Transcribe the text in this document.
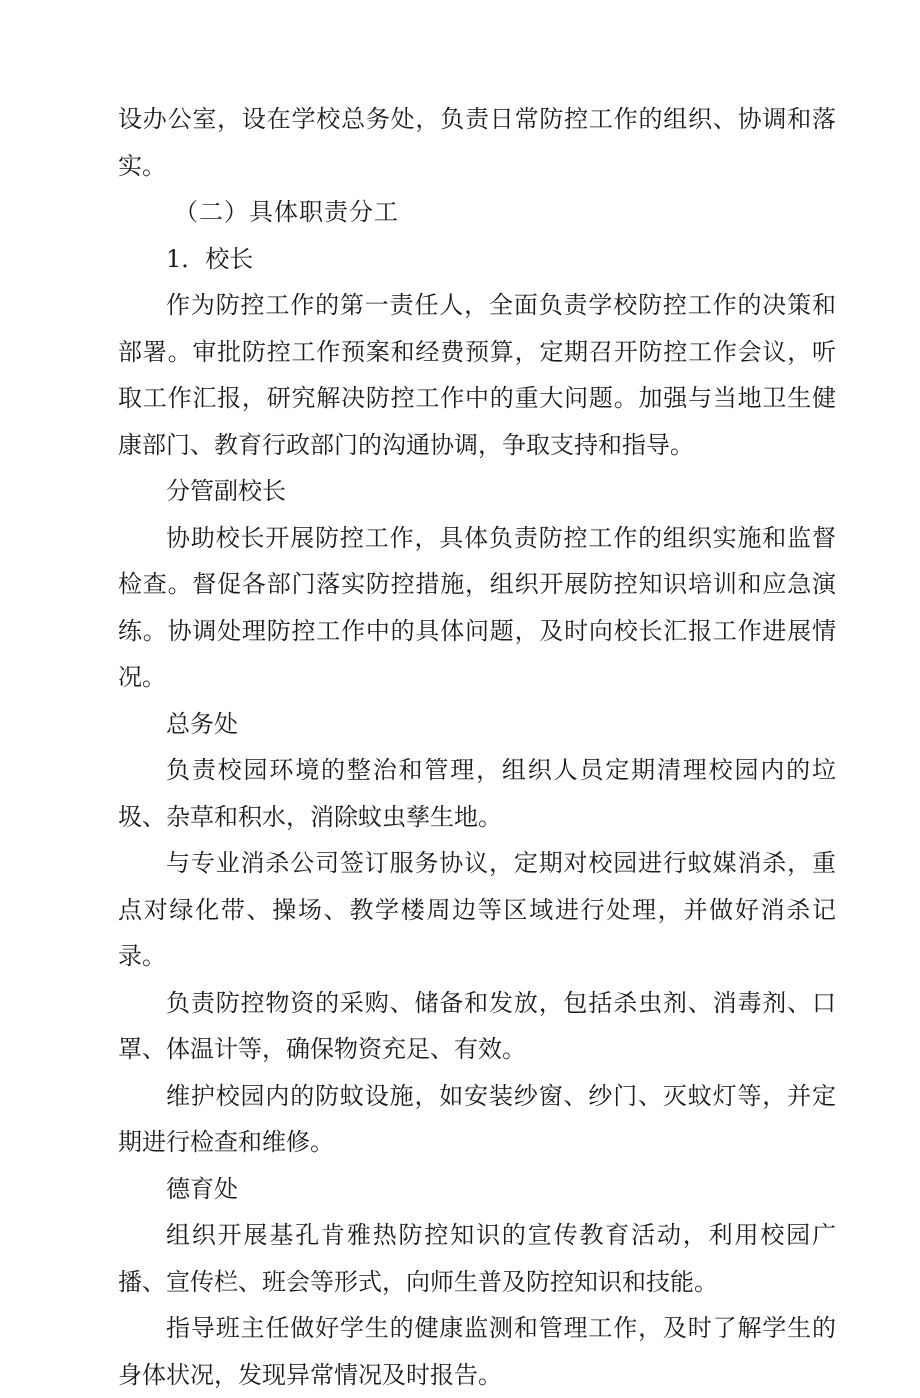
设办公室，设在学校总务处，负责日常防控工作的组织、协调和落实。

（二）具体职责分工

1．校长

作为防控工作的第一责任人，全面负责学校防控工作的决策和部署。审批防控工作预案和经费预算，定期召开防控工作会议，听取工作汇报，研究解决防控工作中的重大问题。加强与当地卫生健康部门、教育行政部门的沟通协调，争取支持和指导。

分管副校长

协助校长开展防控工作，具体负责防控工作的组织实施和监督检查。督促各部门落实防控措施，组织开展防控知识培训和应急演练。协调处理防控工作中的具体问题，及时向校长汇报工作进展情况。

总务处

负责校园环境的整治和管理，组织人员定期清理校园内的垃圾、杂草和积水，消除蚊虫孳生地。

与专业消杀公司签订服务协议，定期对校园进行蚊媒消杀，重点对绿化带、操场、教学楼周边等区域进行处理，并做好消杀记录。

负责防控物资的采购、储备和发放，包括杀虫剂、消毒剂、口罩、体温计等，确保物资充足、有效。

维护校园内的防蚊设施，如安装纱窗、纱门、灭蚊灯等，并定期进行检查和维修。

德育处

组织开展基孔肯雅热防控知识的宣传教育活动，利用校园广播、宣传栏、班会等形式，向师生普及防控知识和技能。

指导班主任做好学生的健康监测和管理工作，及时了解学生的身体状况，发现异常情况及时报告。
